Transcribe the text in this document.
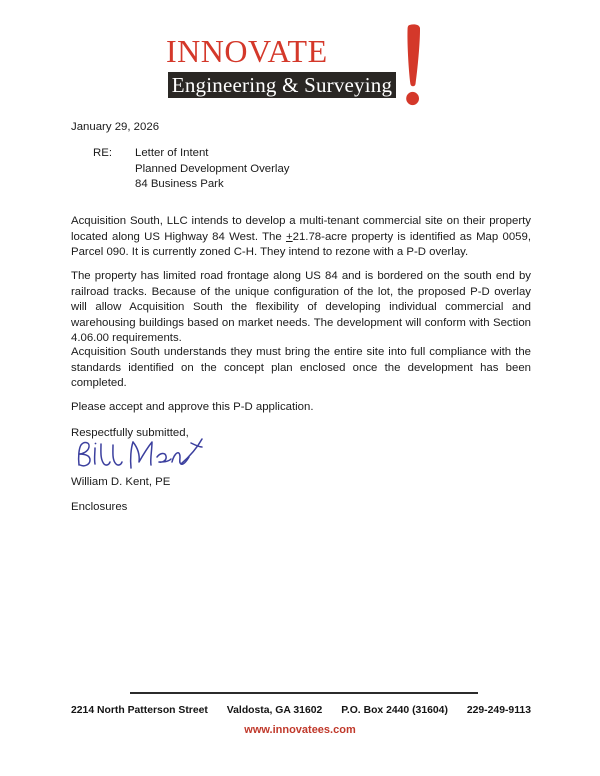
innovate
Engineering & Surveying
January 29, 2026
RE:	Letter of Intent
Planned Development Overlay
84 Business Park

Acquisition South, LLC intends to develop a multi-tenant commercial site on their property located along US Highway 84 West. The +21.78-acre property is identified as Map 0059, Parcel 090. It is currently zoned C-H. They intend to rezone with a P-D overlay.

The property has limited road frontage along US 84 and is bordered on the south end by railroad tracks. Because of the unique configuration of the lot, the proposed P-D overlay will allow Acquisition South the flexibility of developing individual commercial and warehousing buildings based on market needs. The development will conform with Section 4.06.00 requirements.

Acquisition South understands they must bring the entire site into full compliance with the standards identified on the concept plan enclosed once the development has been completed.

Please accept and approve this P-D application.

Respectfully submitted,

William D. Kent, PE
Enclosures
2214 North Patterson Street Valdosta, GA 31602 P.O. Box 2440 (31604) 229-249-9113
www.innovatees.com
